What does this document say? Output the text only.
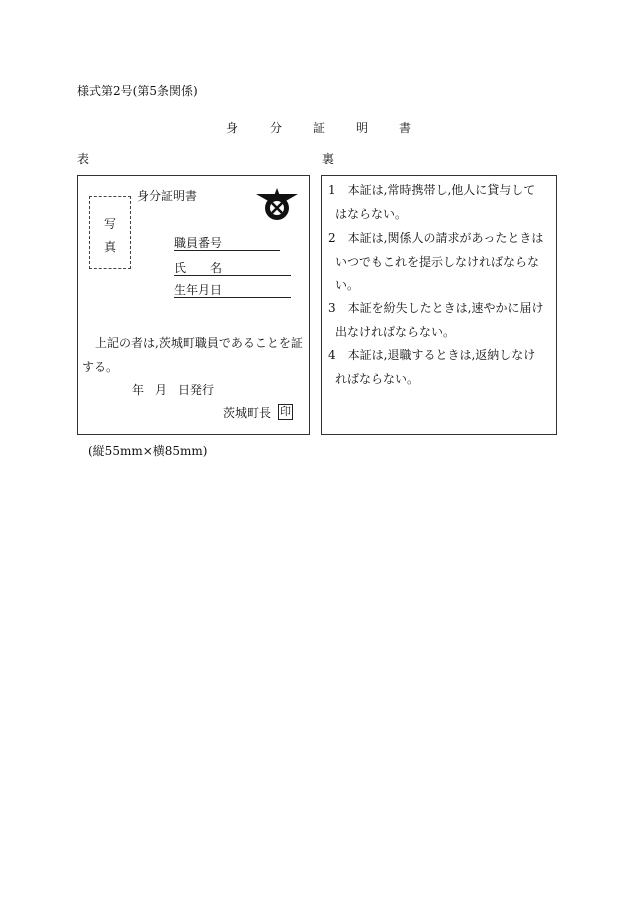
様式第2号(第5条関係)
身	分	証	明	書
表	裏
写
真
身分証明書
職員番号
氏 名
生年月日
上記の者は,茨城町職員であることを証
する。
年 月 日発行
茨城町長 印
1　本証は,常時携帯し,他人に貸与して
はならない。
2　本証は,関係人の請求があったときは
いつでもこれを提示しなければならな
い。
3　本証を紛失したときは,速やかに届け
出なければならない。
4　本証は,退職するときは,返納しなけ
ればならない。
(縦55mm×横85mm)
